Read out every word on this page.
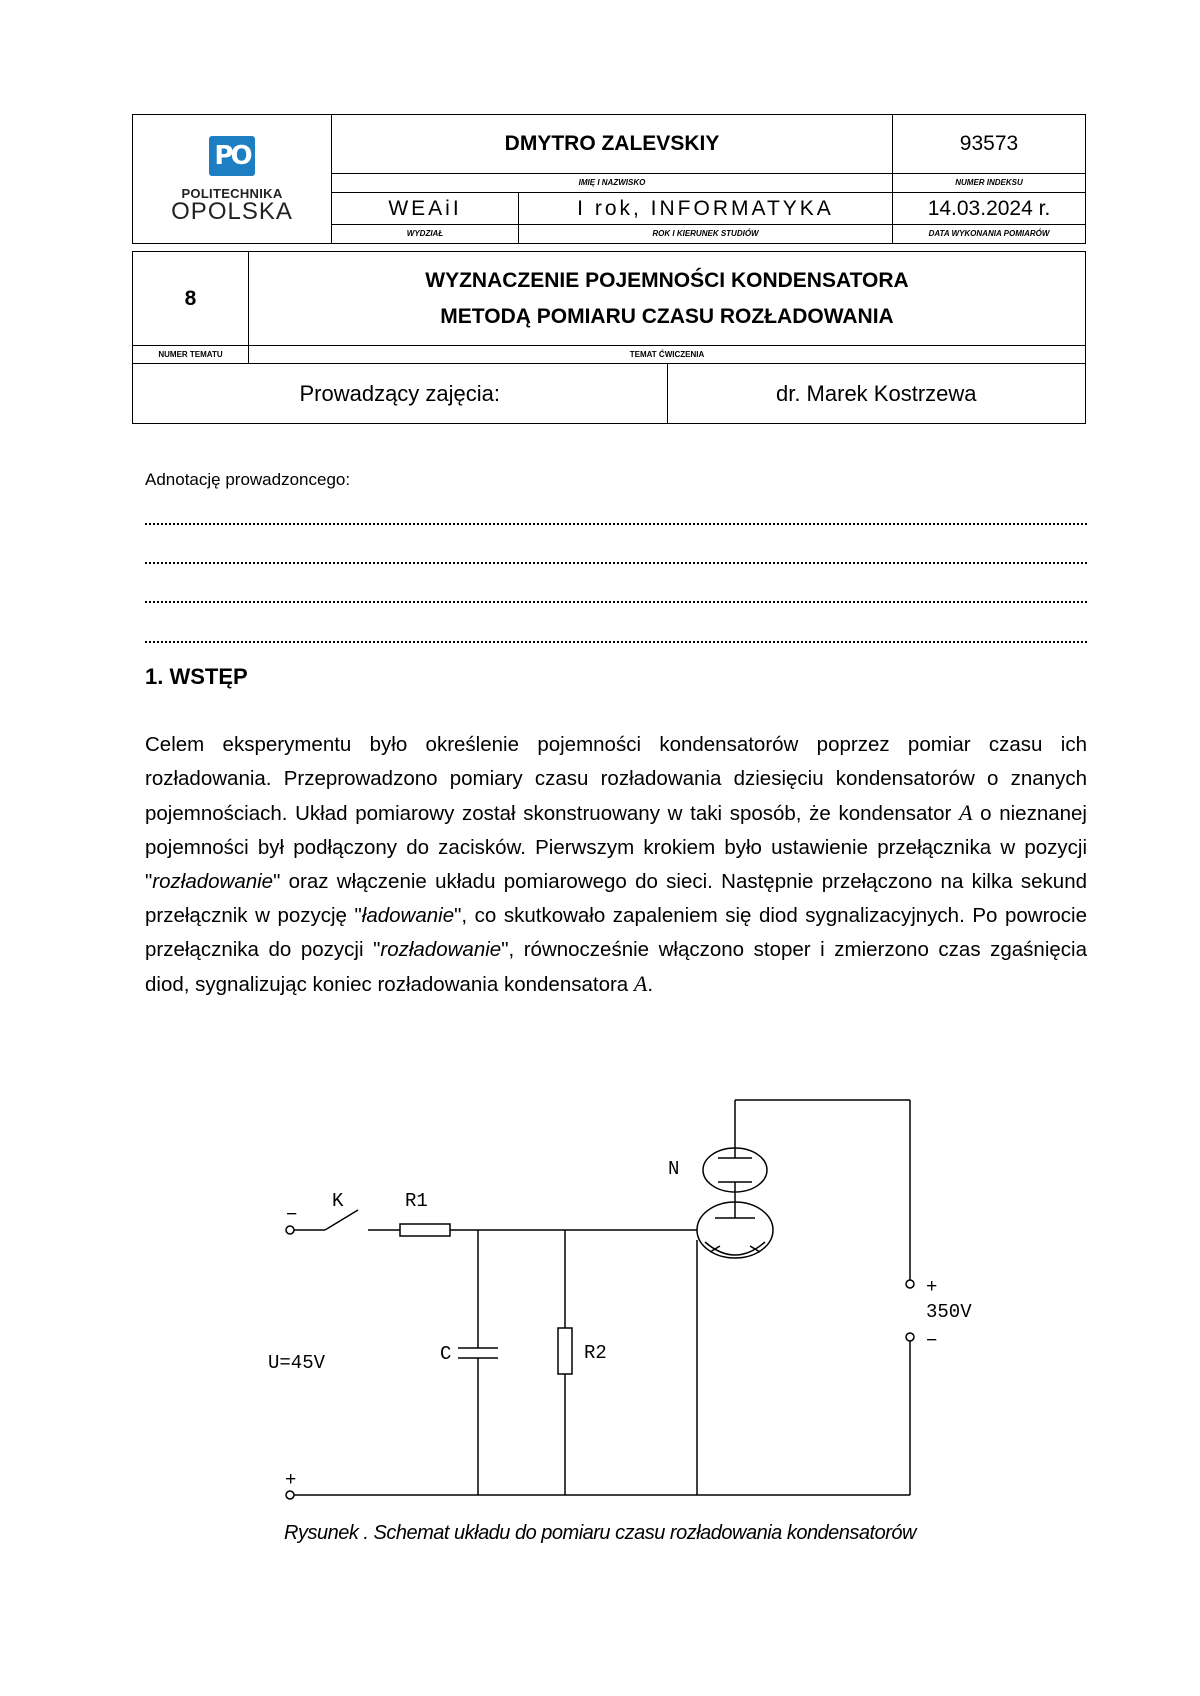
PO
POLITECHNIKA
OPOLSKA	DMYTRO ZALEVSKIY		93573
	IMIĘ I NAZWISKO		NUMER INDEKSU
	WEAiI	I rok, INFORMATYKA	14.03.2024 r.
	WYDZIAŁ	ROK I KIERUNEK STUDIÓW	DATA WYKONANIA POMIARÓW
8	WYZNACZENIE POJEMNOŚCI KONDENSATORA
METODĄ POMIARU CZASU ROZŁADOWANIA	

NUMER TEMATU	TEMAT ĆWICZENIA	
Prowadzący zajęcia:		dr. Marek Kostrzewa
Adnotację prowadzoncego:
1. WSTĘP

Celem eksperymentu było określenie pojemności kondensatorów poprzez pomiar czasu ich rozładowania. Przeprowadzono pomiary czasu rozładowania dziesięciu kondensatorów o znanych pojemnościach. Układ pomiarowy został skonstruowany w taki sposób, że kondensator A o nieznanej pojemności był podłączony do zacisków. Pierwszym krokiem było ustawienie przełącznika w pozycji "rozładowanie" oraz włączenie układu pomiarowego do sieci. Następnie przełączono na kilka sekund przełącznik w pozycję "ładowanie", co skutkowało zapaleniem się diod sygnalizacyjnych. Po powrocie przełącznika do pozycji "rozładowanie", równocześnie włączono stoper i zmierzono czas zgaśnięcia diod, sygnalizując koniec rozładowania kondensatora A.

−
K	R1
C	R2
N
U=45V
+
+
350V
−
Rysunek . Schemat układu do pomiaru czasu rozładowania kondensatorów
